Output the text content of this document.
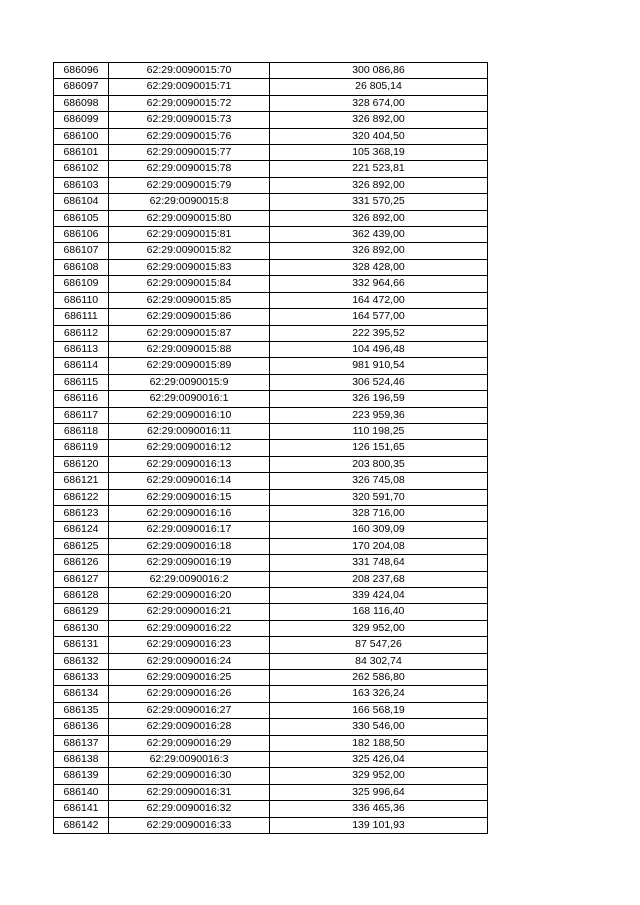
686096	62:29:0090015:70	300 086,86
686097	62:29:0090015:71	26 805,14
686098	62:29:0090015:72	328 674,00
686099	62:29:0090015:73	326 892,00
686100	62:29:0090015:76	320 404,50
686101	62:29:0090015:77	105 368,19
686102	62:29:0090015:78	221 523,81
686103	62:29:0090015:79	326 892,00
686104	62:29:0090015:8	331 570,25
686105	62:29:0090015:80	326 892,00
686106	62:29:0090015:81	362 439,00
686107	62:29:0090015:82	326 892,00
686108	62:29:0090015:83	328 428,00
686109	62:29:0090015:84	332 964,66
686110	62:29:0090015:85	164 472,00
686111	62:29:0090015:86	164 577,00
686112	62:29:0090015:87	222 395,52
686113	62:29:0090015:88	104 496,48
686114	62:29:0090015:89	981 910,54
686115	62:29:0090015:9	306 524,46
686116	62:29:0090016:1	326 196,59
686117	62:29:0090016:10	223 959,36
686118	62:29:0090016:11	110 198,25
686119	62:29:0090016:12	126 151,65
686120	62:29:0090016:13	203 800,35
686121	62:29:0090016:14	326 745,08
686122	62:29:0090016:15	320 591,70
686123	62:29:0090016:16	328 716,00
686124	62:29:0090016:17	160 309,09
686125	62:29:0090016:18	170 204,08
686126	62:29:0090016:19	331 748,64
686127	62:29:0090016:2	208 237,68
686128	62:29:0090016:20	339 424,04
686129	62:29:0090016:21	168 116,40
686130	62:29:0090016:22	329 952,00
686131	62:29:0090016:23	87 547,26
686132	62:29:0090016:24	84 302,74
686133	62:29:0090016:25	262 586,80
686134	62:29:0090016:26	163 326,24
686135	62:29:0090016:27	166 568,19
686136	62:29:0090016:28	330 546,00
686137	62:29:0090016:29	182 188,50
686138	62:29:0090016:3	325 426,04
686139	62:29:0090016:30	329 952,00
686140	62:29:0090016:31	325 996,64
686141	62:29:0090016:32	336 465,36
686142	62:29:0090016:33	139 101,93
